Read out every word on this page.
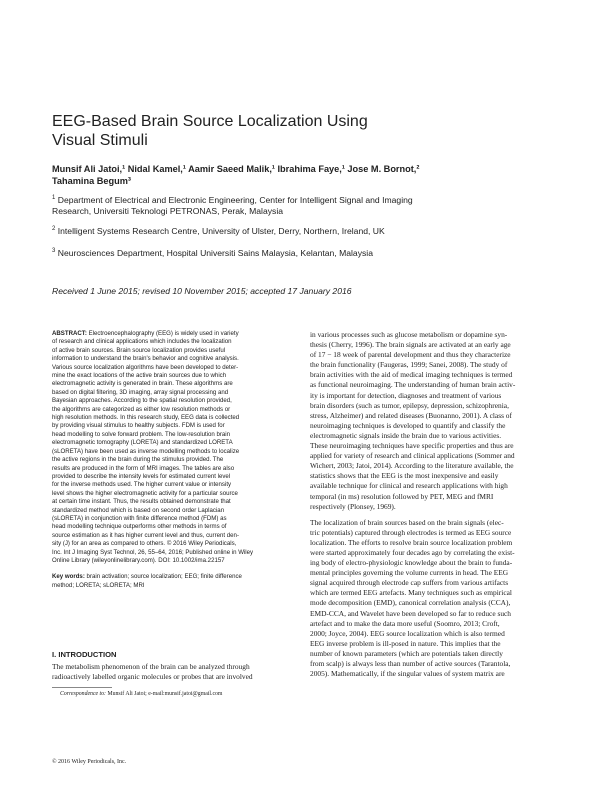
EEG-Based Brain Source Localization Using
Visual Stimuli
Munsif Ali Jatoi,¹ Nidal Kamel,¹ Aamir Saeed Malik,¹ Ibrahima Faye,¹ Jose M. Bornot,²
Tahamina Begum³
$^1$ Department of Electrical and Electronic Engineering, Center for Intelligent Signal and Imaging
Research, Universiti Teknologi PETRONAS, Perak, Malaysia
$^2$ Intelligent Systems Research Centre, University of Ulster, Derry, Northern, Ireland, UK
$^3$ Neurosciences Department, Hospital Universiti Sains Malaysia, Kelantan, Malaysia
Received 1 June 2015; revised 10 November 2015; accepted 17 January 2016
ABSTRACT: Electroencephalography (EEG) is widely used in variety
of research and clinical applications which includes the localization
of active brain sources. Brain source localization provides useful
information to understand the brain's behavior and cognitive analysis.
Various source localization algorithms have been developed to deter-
mine the exact locations of the active brain sources due to which
electromagnetic activity is generated in brain. These algorithms are
based on digital filtering, 3D imaging, array signal processing and
Bayesian approaches. According to the spatial resolution provided,
the algorithms are categorized as either low resolution methods or
high resolution methods. In this research study, EEG data is collected
by providing visual stimulus to healthy subjects. FDM is used for
head modelling to solve forward problem. The low-resolution brain
electromagnetic tomography (LORETA) and standardized LORETA
(sLORETA) have been used as inverse modelling methods to localize
the active regions in the brain during the stimulus provided. The
results are produced in the form of MRI images. The tables are also
provided to describe the intensity levels for estimated current level
for the inverse methods used. The higher current value or intensity
level shows the higher electromagnetic activity for a particular source
at certain time instant. Thus, the results obtained demonstrate that
standardized method which is based on second order Laplacian
(sLORETA) in conjunction with finite difference method (FDM) as
head modelling technique outperforms other methods in terms of
source estimation as it has higher current level and thus, current den-
sity (J) for an area as compared to others. © 2016 Wiley Periodicals,
Inc. Int J Imaging Syst Technol, 26, 55–64, 2016; Published online in Wiley
Online Library (wileyonlinelibrary.com). DOI: 10.1002/ima.22157
Key words: brain activation; source localization; EEG; finite difference
method; LORETA; sLORETA; MRI
I. INTRODUCTION
The metabolism phenomenon of the brain can be analyzed through
radioactively labelled organic molecules or probes that are involved
Correspondence to: Munsif Ali Jatoi; e-mail:munsif.jatoi@gmail.com
in various processes such as glucose metabolism or dopamine syn-
thesis (Cherry, 1996). The brain signals are activated at an early age
of 17 − 18 week of parental development and thus they characterize
the brain functionality (Faugeras, 1999; Sanei, 2008). The study of
brain activities with the aid of medical imaging techniques is termed
as functional neuroimaging. The understanding of human brain activ-
ity is important for detection, diagnoses and treatment of various
brain disorders (such as tumor, epilepsy, depression, schizophrenia,
stress, Alzheimer) and related diseases (Buonanno, 2001). A class of
neuroimaging techniques is developed to quantify and classify the
electromagnetic signals inside the brain due to various activities.
These neuroimaging techniques have specific properties and thus are
applied for variety of research and clinical applications (Sommer and
Wichert, 2003; Jatoi, 2014). According to the literature available, the
statistics shows that the EEG is the most inexpensive and easily
available technique for clinical and research applications with high
temporal (in ms) resolution followed by PET, MEG and fMRI
respectively (Plonsey, 1969).
The localization of brain sources based on the brain signals (elec-
tric potentials) captured through electrodes is termed as EEG source
localization. The efforts to resolve brain source localization problem
were started approximately four decades ago by correlating the exist-
ing body of electro-physiologic knowledge about the brain to funda-
mental principles governing the volume currents in head. The EEG
signal acquired through electrode cap suffers from various artifacts
which are termed EEG artefacts. Many techniques such as empirical
mode decomposition (EMD), canonical correlation analysis (CCA),
EMD-CCA, and Wavelet have been developed so far to reduce such
artefact and to make the data more useful (Soomro, 2013; Croft,
2000; Joyce, 2004). EEG source localization which is also termed
EEG inverse problem is ill-posed in nature. This implies that the
number of known parameters (which are potentials taken directly
from scalp) is always less than number of active sources (Tarantola,
2005). Mathematically, if the singular values of system matrix are
© 2016 Wiley Periodicals, Inc.
